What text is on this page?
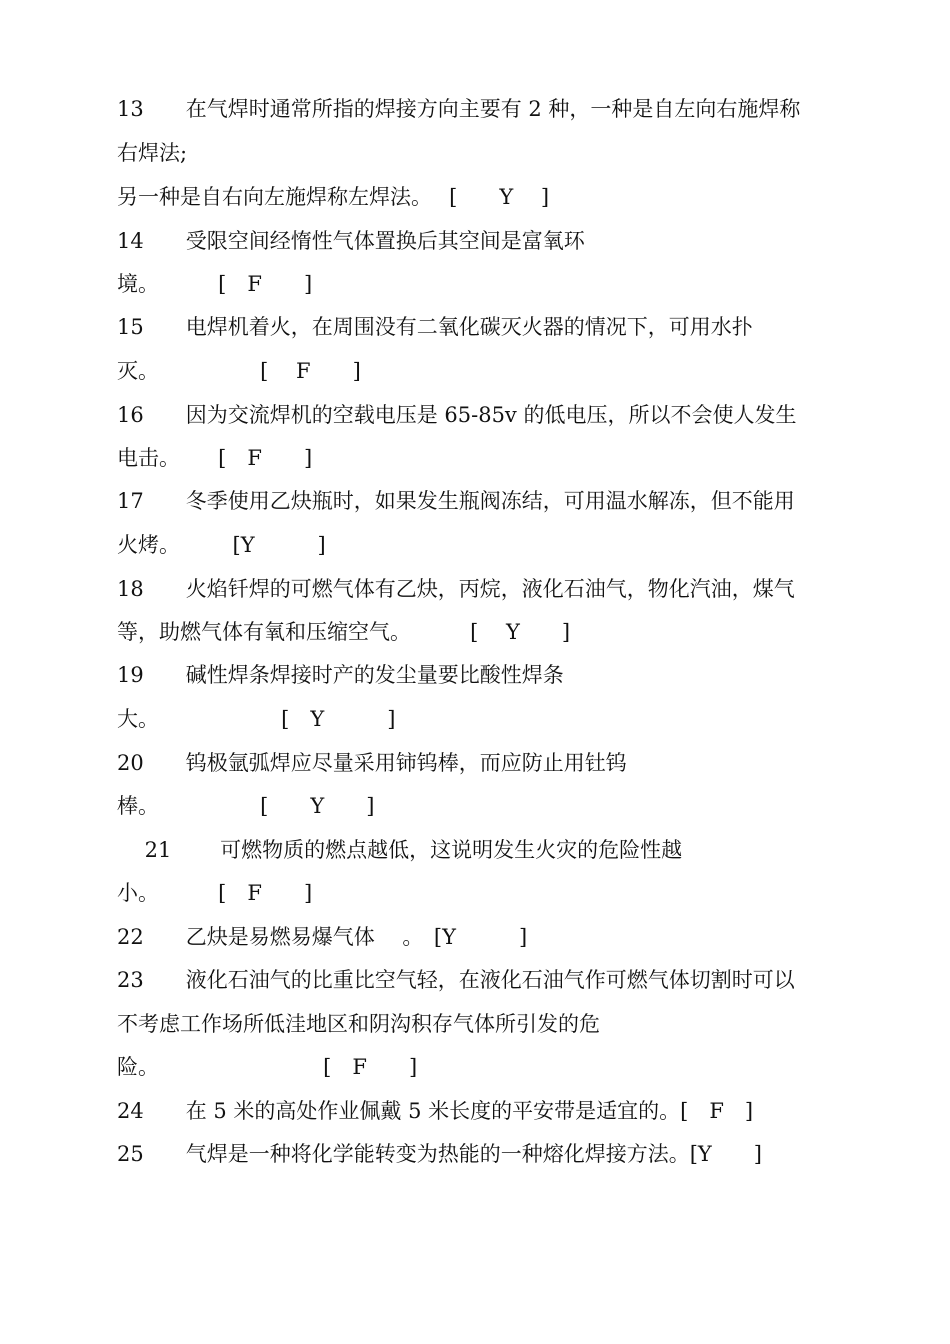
13　　在气焊时通常所指的焊接方向主要有 2 种，一种是自左向右施焊称
右焊法;
另一种是自右向左施焊称左焊法。　 [　　Y　 ]
14　　受限空间经惰性气体置换后其空间是富氧环
境。　　　 [　F　　]
15　　电焊机着火，在周围没有二氧化碳灭火器的情况下，可用水扑
灭。　　　　　 [　 F　　]
16　　因为交流焊机的空载电压是 65-85v 的低电压，所以不会使人发生
电击。　　 [　F　　]
17　　冬季使用乙炔瓶时，如果发生瓶阀冻结，可用温水解冻，但不能用
火烤。　　　[Y　　　]
18　　火焰钎焊的可燃气体有乙炔，丙烷，液化石油气，物化汽油，煤气
等，助燃气体有氧和压缩空气。　　　 [　 Y　　]
19　　碱性焊条焊接时产的发尘量要比酸性焊条
大。　　　　　　 [　Y　　　]
20　　钨极氩弧焊应尽量采用铈钨棒，而应防止用钍钨
棒。　　　　　 [　　Y　　]
　 21　　 可燃物质的燃点越低，这说明发生火灾的危险性越
小。　　　 [　F　　]
22　　乙炔是易燃易爆气体　 。　[Y　　　]
23　　液化石油气的比重比空气轻，在液化石油气作可燃气体切割时可以
不考虑工作场所低洼地区和阴沟积存气体所引发的危
险。　　　　　　　　 [　F　　]
24　　在 5 米的高处作业佩戴 5 米长度的平安带是适宜的。[　F　]
25　　气焊是一种将化学能转变为热能的一种熔化焊接方法。[Y　　]
